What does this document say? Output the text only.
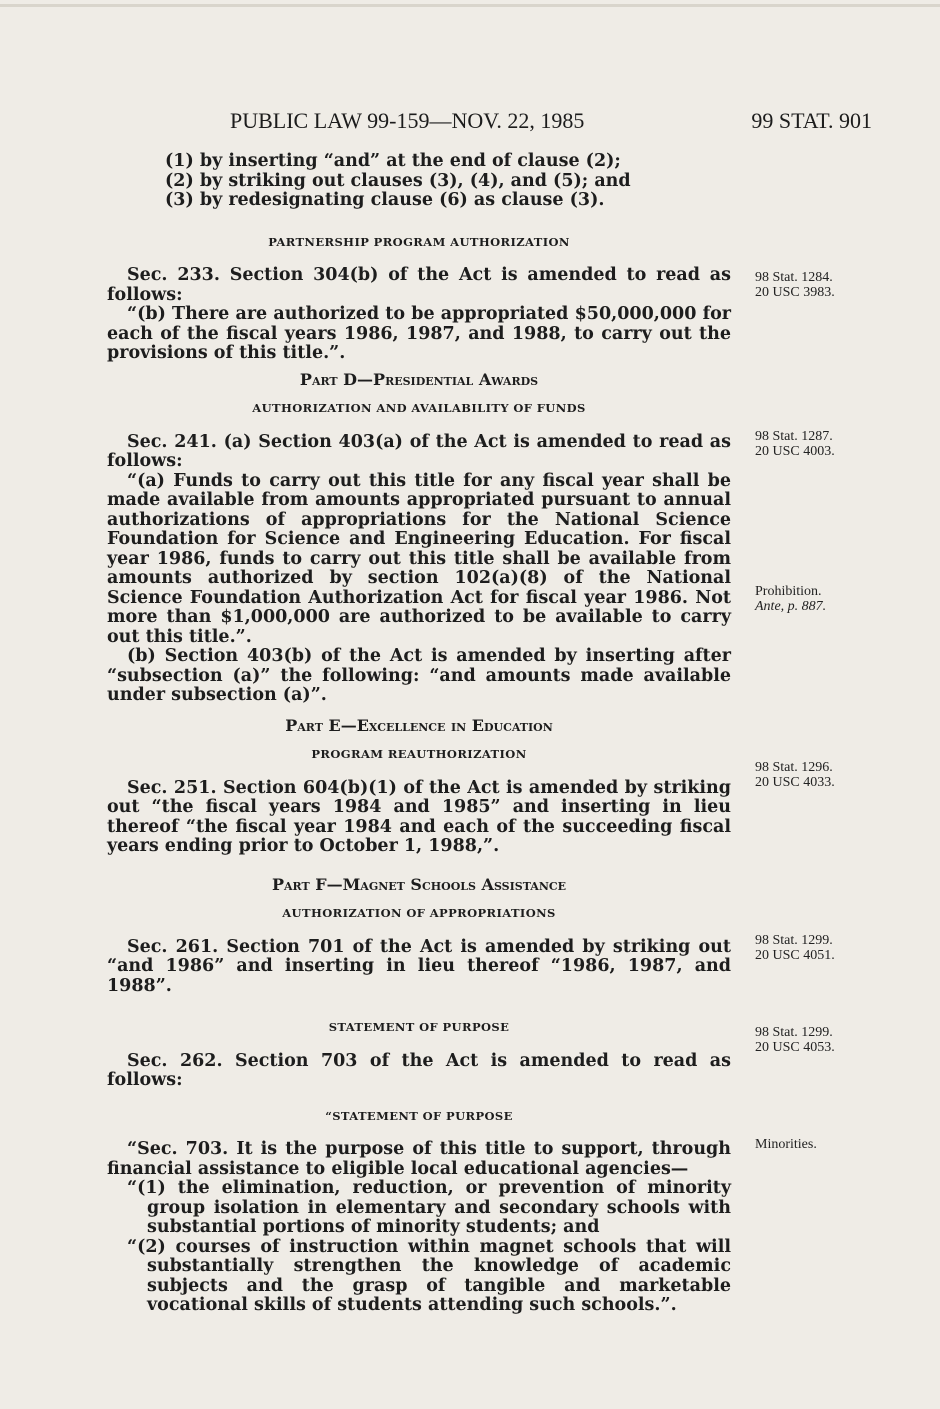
PUBLIC LAW 99-159—NOV. 22, 1985	99 STAT. 901

(1) by inserting “and” at the end of clause (2);

(2) by striking out clauses (3), (4), and (5); and

(3) by redesignating clause (6) as clause (3).

PARTNERSHIP PROGRAM AUTHORIZATION

Sec. 233. Section 304(b) of the Act is amended to read as follows:

“(b) There are authorized to be appropriated $50,000,000 for each of the fiscal years 1986, 1987, and 1988, to carry out the provisions of this title.”.

Part D—Presidential Awards
AUTHORIZATION AND AVAILABILITY OF FUNDS

Sec. 241. (a) Section 403(a) of the Act is amended to read as follows:

“(a) Funds to carry out this title for any fiscal year shall be made available from amounts appropriated pursuant to annual authorizations of appropriations for the National Science Foundation for Science and Engineering Education. For fiscal year 1986, funds to carry out this title shall be available from amounts authorized by section 102(a)(8) of the National Science Foundation Authorization Act for fiscal year 1986. Not more than $1,000,000 are authorized to be available to carry out this title.”.

(b) Section 403(b) of the Act is amended by inserting after “subsection (a)” the following: “and amounts made available under subsection (a)”.

Part E—Excellence in Education
PROGRAM REAUTHORIZATION

Sec. 251. Section 604(b)(1) of the Act is amended by striking out “the fiscal years 1984 and 1985” and inserting in lieu thereof “the fiscal year 1984 and each of the succeeding fiscal years ending prior to October 1, 1988,”.

Part F—Magnet Schools Assistance
AUTHORIZATION OF APPROPRIATIONS

Sec. 261. Section 701 of the Act is amended by striking out “and 1986” and inserting in lieu thereof “1986, 1987, and 1988”.

STATEMENT OF PURPOSE

Sec. 262. Section 703 of the Act is amended to read as follows:

“STATEMENT OF PURPOSE

“Sec. 703. It is the purpose of this title to support, through financial assistance to eligible local educational agencies—

“(1) the elimination, reduction, or prevention of minority group isolation in elementary and secondary schools with substantial portions of minority students; and

“(2) courses of instruction within magnet schools that will substantially strengthen the knowledge of academic subjects and the grasp of tangible and marketable vocational skills of students attending such schools.”.

98 Stat. 1284.
20 USC 3983.
98 Stat. 1287.
20 USC 4003.
Prohibition.
Ante, p. 887.
98 Stat. 1296.
20 USC 4033.
98 Stat. 1299.
20 USC 4051.
98 Stat. 1299.
20 USC 4053.
Minorities.
